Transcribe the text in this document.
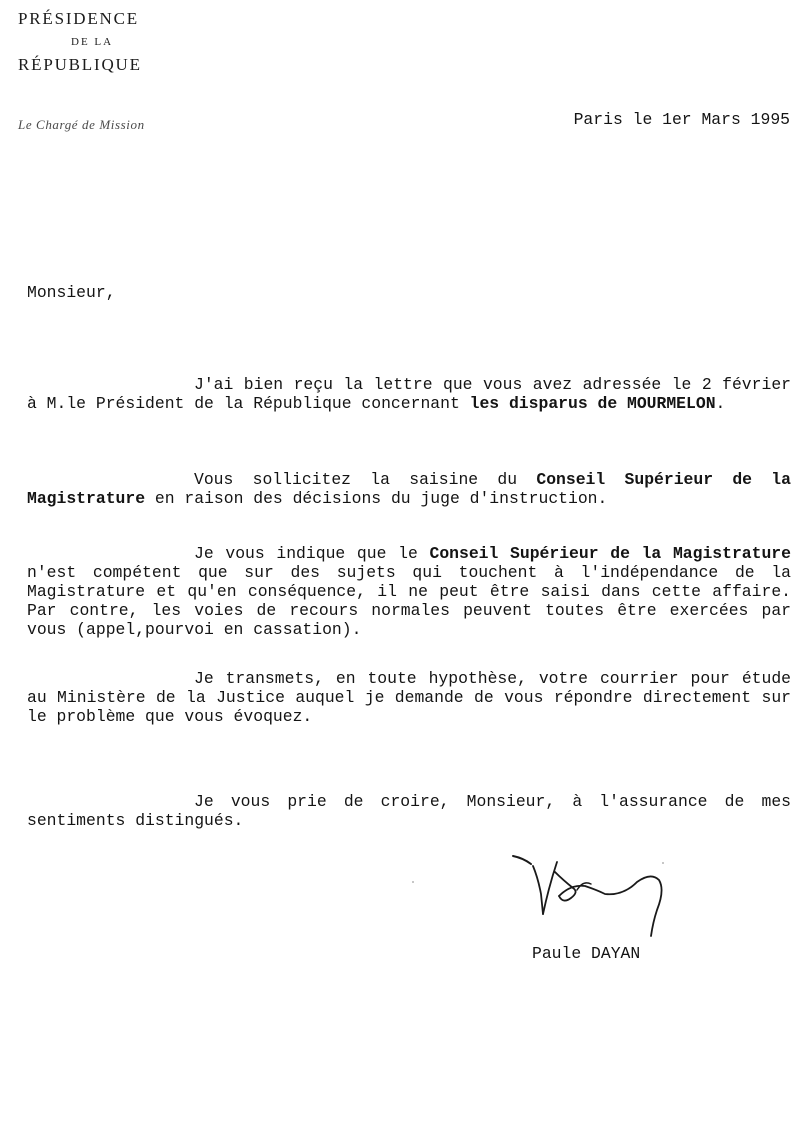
PRÉSIDENCE
DE LA
RÉPUBLIQUE
Le Chargé de Mission	Paris le 1er Mars 1995
Monsieur,

J'ai bien reçu la lettre que vous avez adressée le 2 février à M.le Président de la République concernant les disparus de MOURMELON.

Vous sollicitez la saisine du Conseil Supérieur de la Magistrature en raison des décisions du juge d'instruction.

Je vous indique que le Conseil Supérieur de la Magistrature n'est compétent que sur des sujets qui touchent à l'indépendance de la Magistrature et qu'en conséquence, il ne peut être saisi dans cette affaire. Par contre, les voies de recours normales peuvent toutes être exercées par vous (appel,pourvoi en cassation).

Je transmets, en toute hypothèse, votre courrier pour étude au Ministère de la Justice auquel je demande de vous répondre directement sur le problème que vous évoquez.

Je vous prie de croire, Monsieur, à l'assurance de mes sentiments distingués.

Paule DAYAN
